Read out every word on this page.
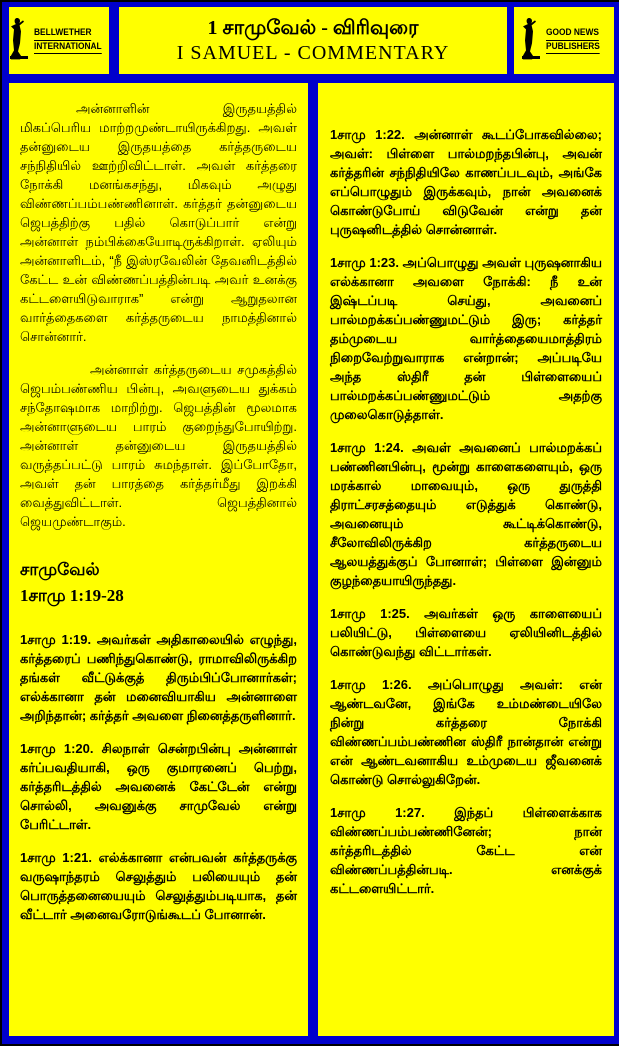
BELLWETHER
INTERNATIONAL
1 சாமுவேல் - விரிவுரை
I SAMUEL - COMMENTARY
GOOD NEWS
PUBLISHERS

அன்னாளின் இருதயத்தில் மிகப்பெரிய மாற்றமுண்டாயிருக்கிறது. அவள் தன்னுடைய இருதயத்தை கர்த்தருடைய சந்நிதியில் ஊற்றிவிட்டாள். அவள் கர்த்தரை நோக்கி மனங்கசந்து, மிகவும் அழுது விண்ணப்பம்பண்ணினாள். கர்த்தர் தன்னுடைய ஜெபத்திற்கு பதில் கொடுப்பார் என்று அன்னாள் நம்பிக்கையோடிருக்கிறாள். ஏலியும் அன்னாளிடம், “நீ இஸ்ரவேலின் தேவனிடத்தில் கேட்ட உன் விண்ணப்பத்தின்படி அவர் உனக்கு கட்டளையிடுவாராக” என்று ஆறுதலான வார்த்தைகளை கர்த்தருடைய நாமத்தினால் சொன்னார்.

அன்னாள் கர்த்தருடைய சமுகத்தில் ஜெபம்பண்ணிய பின்பு, அவளுடைய துக்கம் சந்தோஷமாக மாறிற்று. ஜெபத்தின் மூலமாக அன்னாளுடைய பாரம் குறைந்துபோயிற்று. அன்னாள் தன்னுடைய இருதயத்தில் வருத்தப்பட்டு பாரம் சுமந்தாள். இப்போதோ, அவள் தன் பாரத்தை கர்த்தர்மீது இறக்கி வைத்துவிட்டாள். ஜெபத்தினால் ஜெயமுண்டாகும்.

சாமுவேல்
1சாமு 1:19-28

1சாமு 1:19. அவர்கள் அதிகாலையில் எழுந்து, கர்த்தரைப் பணிந்துகொண்டு, ராமாவிலிருக்கிற தங்கள் வீட்டுக்குத் திரும்பிப்போனார்கள்; எல்க்கானா தன் மனைவியாகிய அன்னாளை அறிந்தான்; கர்த்தர் அவளை நினைத்தருளினார்.

1சாமு 1:20. சிலநாள் சென்றபின்பு அன்னாள் கர்ப்பவதியாகி, ஒரு குமாரனைப் பெற்று, கர்த்தரிடத்தில் அவனைக் கேட்டேன் என்று சொல்லி, அவனுக்கு சாமுவேல் என்று பேரிட்டாள்.

1சாமு 1:21. எல்க்கானா என்பவன் கர்த்தருக்கு வருஷாந்தரம் செலுத்தும் பலியையும் தன் பொருத்தனையையும் செலுத்தும்படியாக, தன் வீட்டார் அனைவரோடுங்கூடப் போனான்.

1சாமு 1:22. அன்னாள் கூடப்போகவில்லை; அவள்: பிள்ளை பால்மறந்தபின்பு, அவன் கர்த்தரின் சந்நிதியிலே காணப்படவும், அங்கே எப்பொழுதும் இருக்கவும், நான் அவனைக் கொண்டுபோய் விடுவேன் என்று தன் புருஷனிடத்தில் சொன்னாள்.

1சாமு 1:23. அப்பொழுது அவள் புருஷனாகிய எல்க்கானா அவளை நோக்கி: நீ உன் இஷ்டப்படி செய்து, அவனைப் பால்மறக்கப்பண்ணுமட்டும் இரு; கர்த்தர் தம்முடைய வார்த்தையைமாத்திரம் நிறைவேற்றுவாராக என்றான்; அப்படியே அந்த ஸ்திரீ தன் பிள்ளையைப் பால்மறக்கப்பண்ணுமட்டும் அதற்கு முலைகொடுத்தாள்.

1சாமு 1:24. அவள் அவனைப் பால்மறக்கப் பண்ணினபின்பு, மூன்று காளைகளையும், ஒரு மரக்கால் மாவையும், ஒரு துருத்தி திராட்சரசத்தையும் எடுத்துக் கொண்டு, அவனையும் கூட்டிக்கொண்டு, சீலோவிலிருக்கிற கர்த்தருடைய ஆலயத்துக்குப் போனாள்; பிள்ளை இன்னும் குழந்தையாயிருந்தது.

1சாமு 1:25. அவர்கள் ஒரு காளையைப் பலியிட்டு, பிள்ளையை ஏலியினிடத்தில் கொண்டுவந்து விட்டார்கள்.

1சாமு 1:26. அப்பொழுது அவள்: என் ஆண்டவனே, இங்கே உம்மண்டையிலே நின்று கர்த்தரை நோக்கி விண்ணப்பம்பண்ணின ஸ்திரீ நான்தான் என்று என் ஆண்டவனாகிய உம்முடைய ஜீவனைக் கொண்டு சொல்லுகிறேன்.

1சாமு 1:27. இந்தப் பிள்ளைக்காக விண்ணப்பம்பண்ணினேன்; நான் கர்த்தரிடத்தில் கேட்ட என் விண்ணப்பத்தின்படி. எனக்குக் கட்டளையிட்டார்.
